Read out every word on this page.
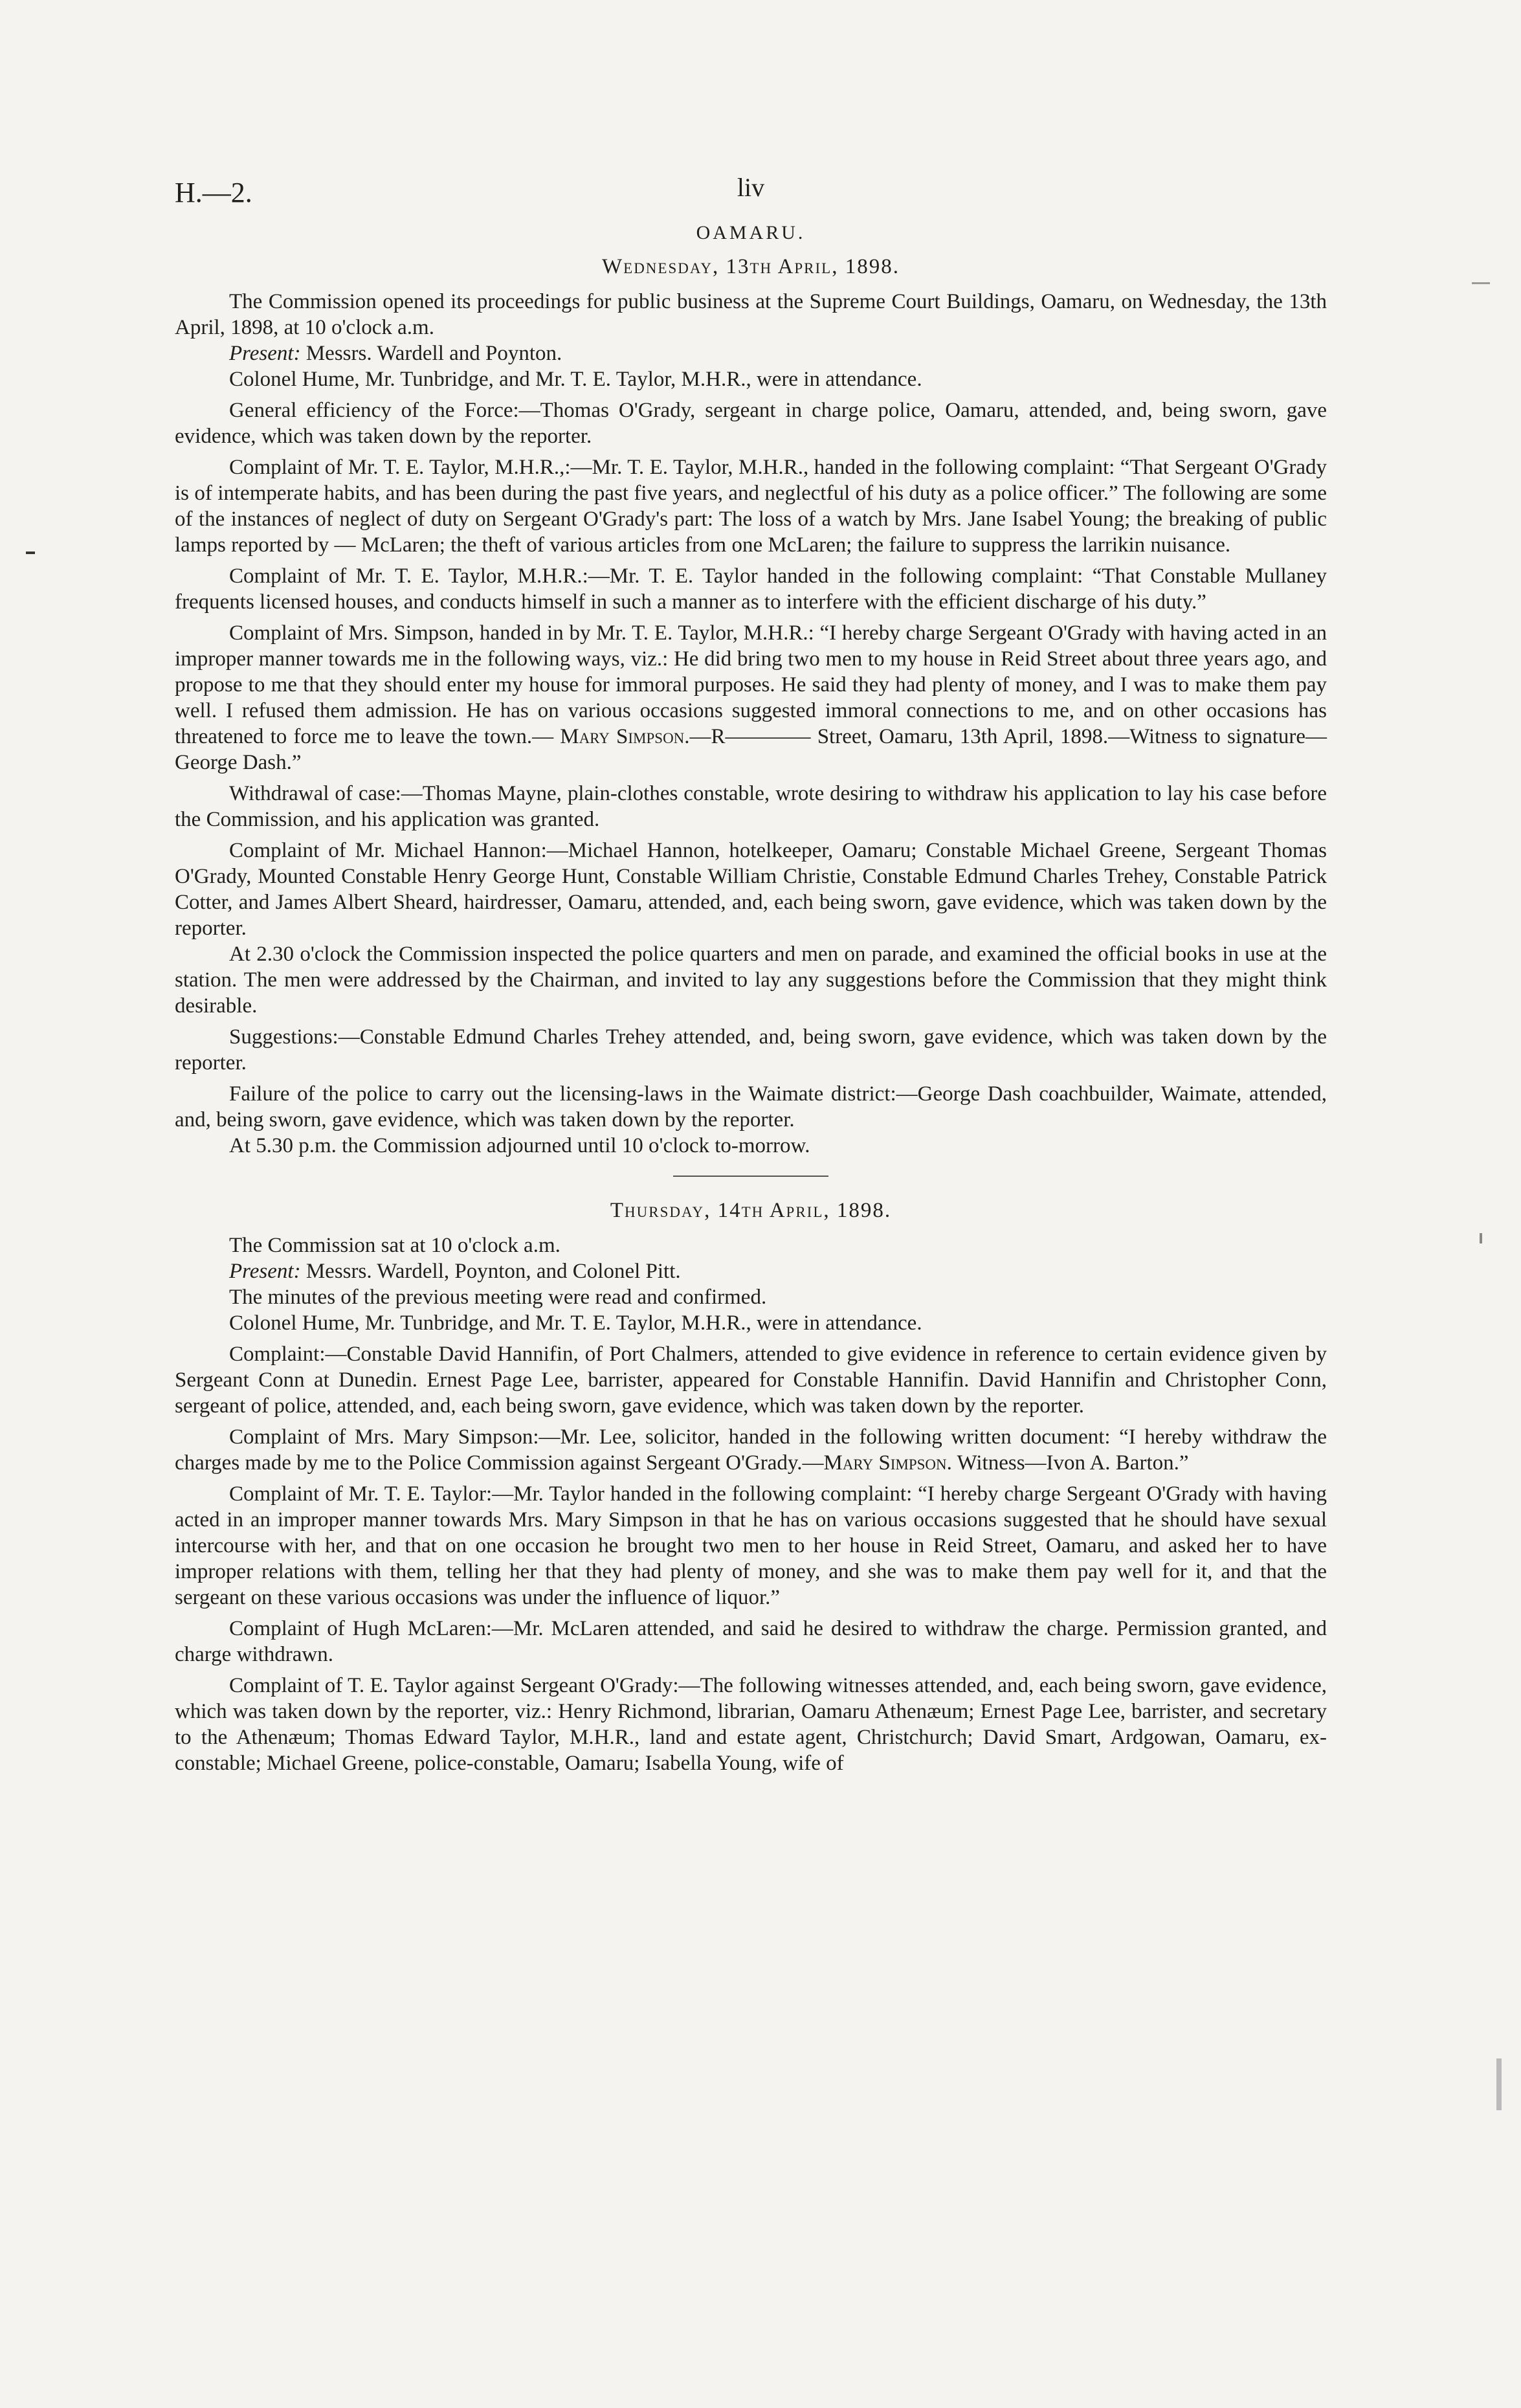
H.—2.	liv
OAMARU.
Wednesday, 13th April, 1898.

The Commission opened its proceedings for public business at the Supreme Court Buildings, Oamaru, on Wednesday, the 13th April, 1898, at 10 o'clock a.m.

Present: Messrs. Wardell and Poynton.

Colonel Hume, Mr. Tunbridge, and Mr. T. E. Taylor, M.H.R., were in attendance.

General efficiency of the Force:—Thomas O'Grady, sergeant in charge police, Oamaru, attended, and, being sworn, gave evidence, which was taken down by the reporter.

Complaint of Mr. T. E. Taylor, M.H.R.,:—Mr. T. E. Taylor, M.H.R., handed in the following complaint: “That Sergeant O'Grady is of intemperate habits, and has been during the past five years, and neglectful of his duty as a police officer.” The following are some of the instances of neglect of duty on Sergeant O'Grady's part: The loss of a watch by Mrs. Jane Isabel Young; the breaking of public lamps reported by — McLaren; the theft of various articles from one McLaren; the failure to suppress the larrikin nuisance.

Complaint of Mr. T. E. Taylor, M.H.R.:—Mr. T. E. Taylor handed in the following complaint: “That Constable Mullaney frequents licensed houses, and conducts himself in such a manner as to interfere with the efficient discharge of his duty.”

Complaint of Mrs. Simpson, handed in by Mr. T. E. Taylor, M.H.R.: “I hereby charge Sergeant O'Grady with having acted in an improper manner towards me in the following ways, viz.: He did bring two men to my house in Reid Street about three years ago, and propose to me that they should enter my house for immoral purposes. He said they had plenty of money, and I was to make them pay well. I refused them admission. He has on various occasions suggested immoral connections to me, and on other occasions has threatened to force me to leave the town.— Mary Simpson.—R———— Street, Oamaru, 13th April, 1898.—Witness to signature—George Dash.”

Withdrawal of case:—Thomas Mayne, plain-clothes constable, wrote desiring to withdraw his application to lay his case before the Commission, and his application was granted.

Complaint of Mr. Michael Hannon:—Michael Hannon, hotelkeeper, Oamaru; Constable Michael Greene, Sergeant Thomas O'Grady, Mounted Constable Henry George Hunt, Constable William Christie, Constable Edmund Charles Trehey, Constable Patrick Cotter, and James Albert Sheard, hairdresser, Oamaru, attended, and, each being sworn, gave evidence, which was taken down by the reporter.

At 2.30 o'clock the Commission inspected the police quarters and men on parade, and examined the official books in use at the station. The men were addressed by the Chairman, and invited to lay any suggestions before the Commission that they might think desirable.

Suggestions:—Constable Edmund Charles Trehey attended, and, being sworn, gave evidence, which was taken down by the reporter.

Failure of the police to carry out the licensing-laws in the Waimate district:—George Dash coachbuilder, Waimate, attended, and, being sworn, gave evidence, which was taken down by the reporter.

At 5.30 p.m. the Commission adjourned until 10 o'clock to-morrow.

Thursday, 14th April, 1898.

The Commission sat at 10 o'clock a.m.

Present: Messrs. Wardell, Poynton, and Colonel Pitt.

The minutes of the previous meeting were read and confirmed.

Colonel Hume, Mr. Tunbridge, and Mr. T. E. Taylor, M.H.R., were in attendance.

Complaint:—Constable David Hannifin, of Port Chalmers, attended to give evidence in reference to certain evidence given by Sergeant Conn at Dunedin. Ernest Page Lee, barrister, appeared for Constable Hannifin. David Hannifin and Christopher Conn, sergeant of police, attended, and, each being sworn, gave evidence, which was taken down by the reporter.

Complaint of Mrs. Mary Simpson:—Mr. Lee, solicitor, handed in the following written document: “I hereby withdraw the charges made by me to the Police Commission against Sergeant O'Grady.—Mary Simpson. Witness—Ivon A. Barton.”

Complaint of Mr. T. E. Taylor:—Mr. Taylor handed in the following complaint: “I hereby charge Sergeant O'Grady with having acted in an improper manner towards Mrs. Mary Simpson in that he has on various occasions suggested that he should have sexual intercourse with her, and that on one occasion he brought two men to her house in Reid Street, Oamaru, and asked her to have improper relations with them, telling her that they had plenty of money, and she was to make them pay well for it, and that the sergeant on these various occasions was under the influence of liquor.”

Complaint of Hugh McLaren:—Mr. McLaren attended, and said he desired to withdraw the charge. Permission granted, and charge withdrawn.

Complaint of T. E. Taylor against Sergeant O'Grady:—The following witnesses attended, and, each being sworn, gave evidence, which was taken down by the reporter, viz.: Henry Richmond, librarian, Oamaru Athenæum; Ernest Page Lee, barrister, and secretary to the Athenæum; Thomas Edward Taylor, M.H.R., land and estate agent, Christchurch; David Smart, Ardgowan, Oamaru, ex-constable; Michael Greene, police-constable, Oamaru; Isabella Young, wife of
